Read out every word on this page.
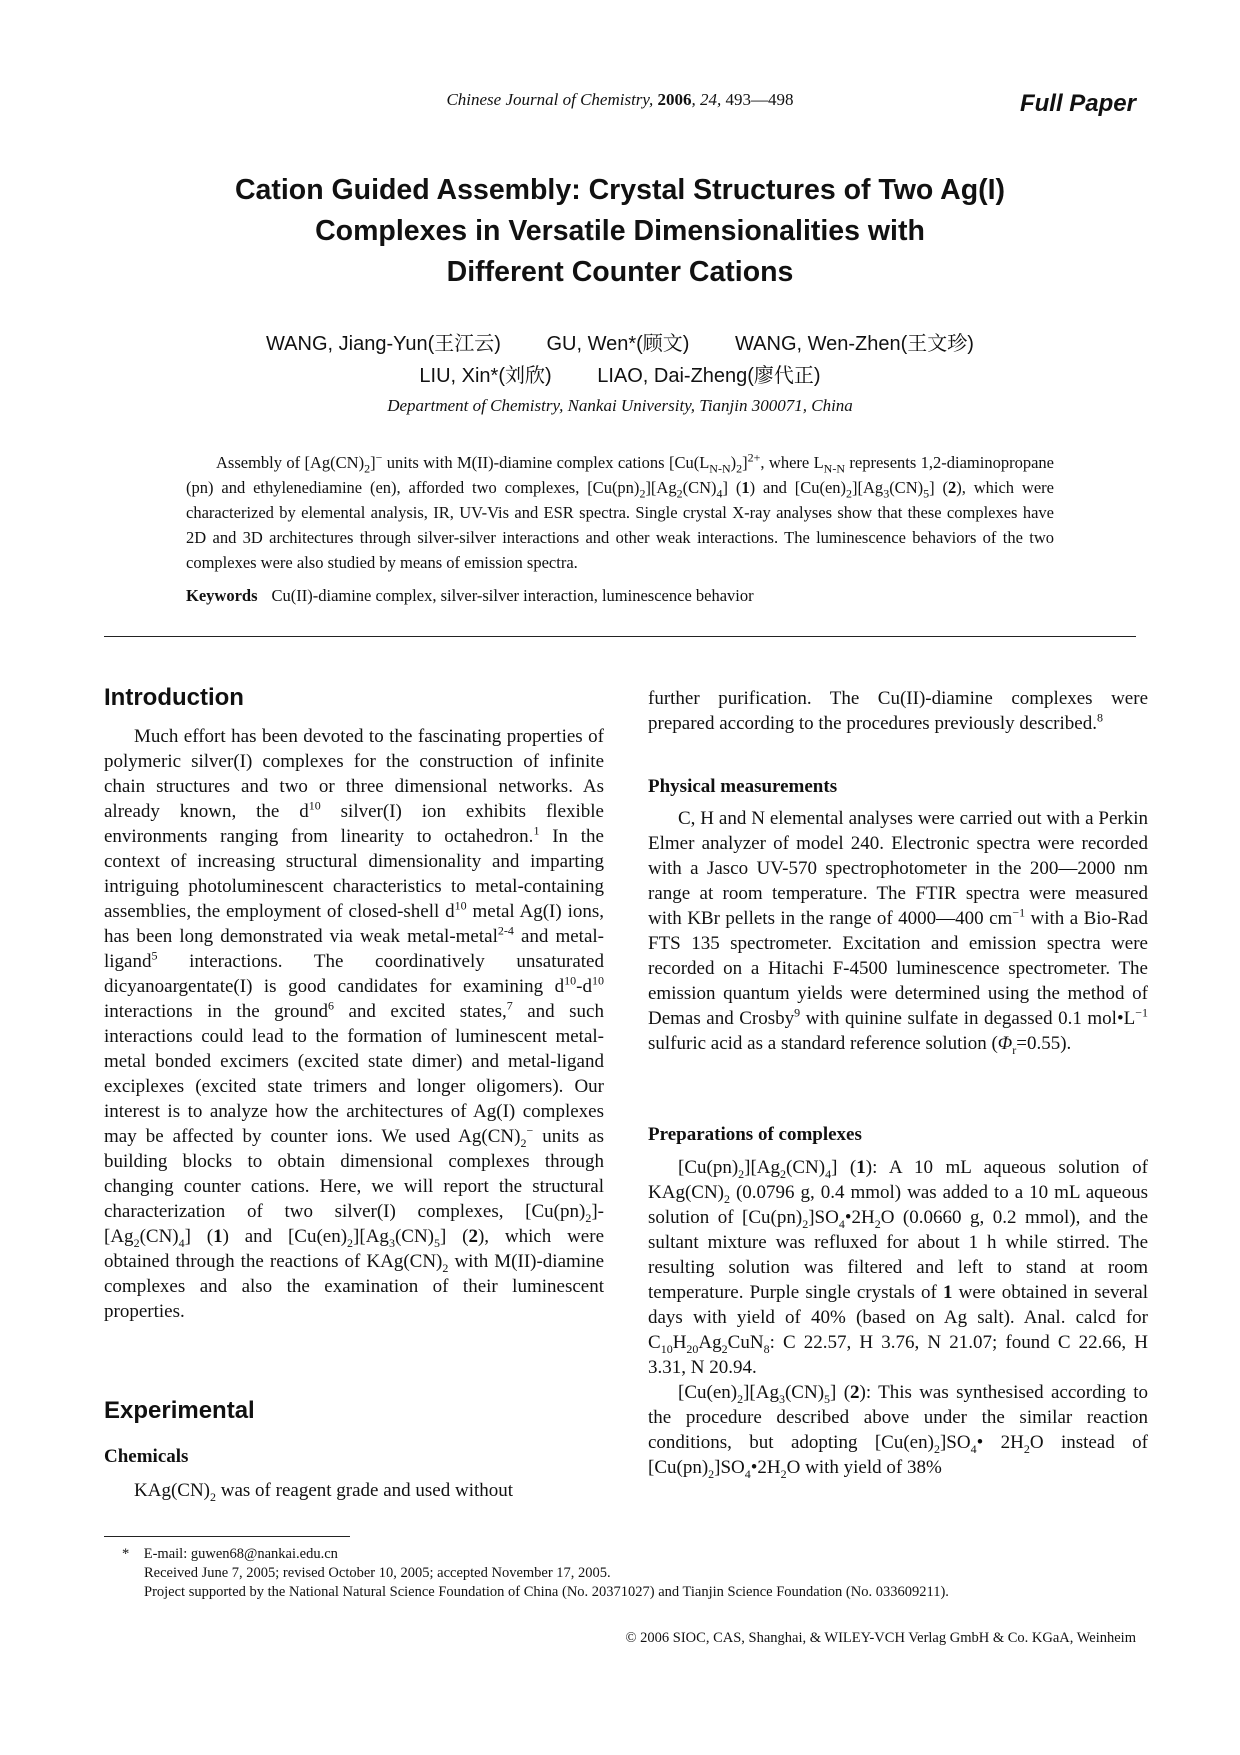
Chinese Journal of Chemistry, 2006, 24, 493—498	Full Paper
Cation Guided Assembly: Crystal Structures of Two Ag(I)
Complexes in Versatile Dimensionalities with
Different Counter Cations
WANG, Jiang-Yun(王江云) GU, Wen*(顾文) WANG, Wen-Zhen(王文珍)
LIU, Xin*(刘欣) LIAO, Dai-Zheng(廖代正)
Department of Chemistry, Nankai University, Tianjin 300071, China
Assembly of $[Ag(CN)_2]^-$ units with M(II)-diamine complex cations $[Cu(L_{N-N})_2]^{2+}$, where $L_{N-N}$ represents 1,2-diaminopropane (pn) and ethylenediamine (en), afforded two complexes, $[Cu(pn)_2][Ag_2(CN)_4]$ (1) and $[Cu(en)_2][Ag_3(CN)_5]$ (2), which were characterized by elemental analysis, IR, UV-Vis and ESR spectra. Single crystal X-ray analyses show that these complexes have 2D and 3D architectures through silver-silver interactions and other weak interactions. The luminescence behaviors of the two complexes were also studied by means of emission spectra.
Keywords Cu(II)-diamine complex, silver-silver interaction, luminescence behavior
Introduction

Much effort has been devoted to the fascinating properties of polymeric silver(I) complexes for the construction of infinite chain structures and two or three dimensional networks. As already known, the $d^{10}$ silver(I) ion exhibits flexible environments ranging from linearity to octahedron.$^1$ In the context of increasing structural dimensionality and imparting intriguing photoluminescent characteristics to metal-containing assemblies, the employment of closed-shell $d^{10}$ metal Ag(I) ions, has been long demonstrated via weak metal-metal$^{2-4}$ and metal-ligand$^5$ interactions. The coordinatively unsaturated dicyanoargentate(I) is good candidates for examining $d^{10}-d^{10}$ interactions in the ground$^6$ and excited states,$^7$ and such interactions could lead to the formation of luminescent metal-metal bonded excimers (excited state dimer) and metal-ligand exciplexes (excited state trimers and longer oligomers). Our interest is to analyze how the architectures of Ag(I) complexes may be affected by counter ions. We used $Ag(CN)_2^-$ units as building blocks to obtain dimensional complexes through changing counter cations. Here, we will report the structural characterization of two silver(I) complexes, $[Cu(pn)_2]-[Ag_2(CN)_4]$ (1) and $[Cu(en)_2][Ag_3(CN)_5]$ (2), which were obtained through the reactions of $KAg(CN)_2$ with M(II)-diamine complexes and also the examination of their luminescent properties.

Experimental
Chemicals

$KAg(CN)_2$ was of reagent grade and used without

further purification. The Cu(II)-diamine complexes were prepared according to the procedures previously described.$^8$

Physical measurements

C, H and N elemental analyses were carried out with a Perkin Elmer analyzer of model 240. Electronic spectra were recorded with a Jasco UV-570 spectrophotometer in the 200—2000 nm range at room temperature. The FTIR spectra were measured with KBr pellets in the range of 4000—400 $cm^{-1}$ with a Bio-Rad FTS 135 spectrometer. Excitation and emission spectra were recorded on a Hitachi F-4500 luminescence spectrometer. The emission quantum yields were determined using the method of Demas and Crosby$^9$ with quinine sulfate in degassed 0.1 $mol•L^{-1}$ sulfuric acid as a standard reference solution $(\Phi_r=0.55)$.

Preparations of complexes

$[Cu(pn)_2][Ag_2(CN)_4]$ (1): A 10 mL aqueous solution of $KAg(CN)_2$ (0.0796 g, 0.4 mmol) was added to a 10 mL aqueous solution of $[Cu(pn)_2]SO_4•2H_2O$ (0.0660 g, 0.2 mmol), and the sultant mixture was refluxed for about 1 h while stirred. The resulting solution was filtered and left to stand at room temperature. Purple single crystals of 1 were obtained in several days with yield of 40% (based on Ag salt). Anal. calcd for $C_{10}H_{20}Ag_2CuN_8$: C 22.57, H 3.76, N 21.07; found C 22.66, H 3.31, N 20.94.

$[Cu(en)_2][Ag_3(CN)_5]$ (2): This was synthesised according to the procedure described above under the similar reaction conditions, but adopting $[Cu(en)_2]SO_4•$ $2H_2O$ instead of $[Cu(pn)_2]SO_4•2H_2O$ with yield of 38%

* E-mail: guwen68@nankai.edu.cn
Received June 7, 2005; revised October 10, 2005; accepted November 17, 2005.
Project supported by the National Natural Science Foundation of China (No. 20371027) and Tianjin Science Foundation (No. 033609211).
© 2006 SIOC, CAS, Shanghai, & WILEY-VCH Verlag GmbH & Co. KGaA, Weinheim
